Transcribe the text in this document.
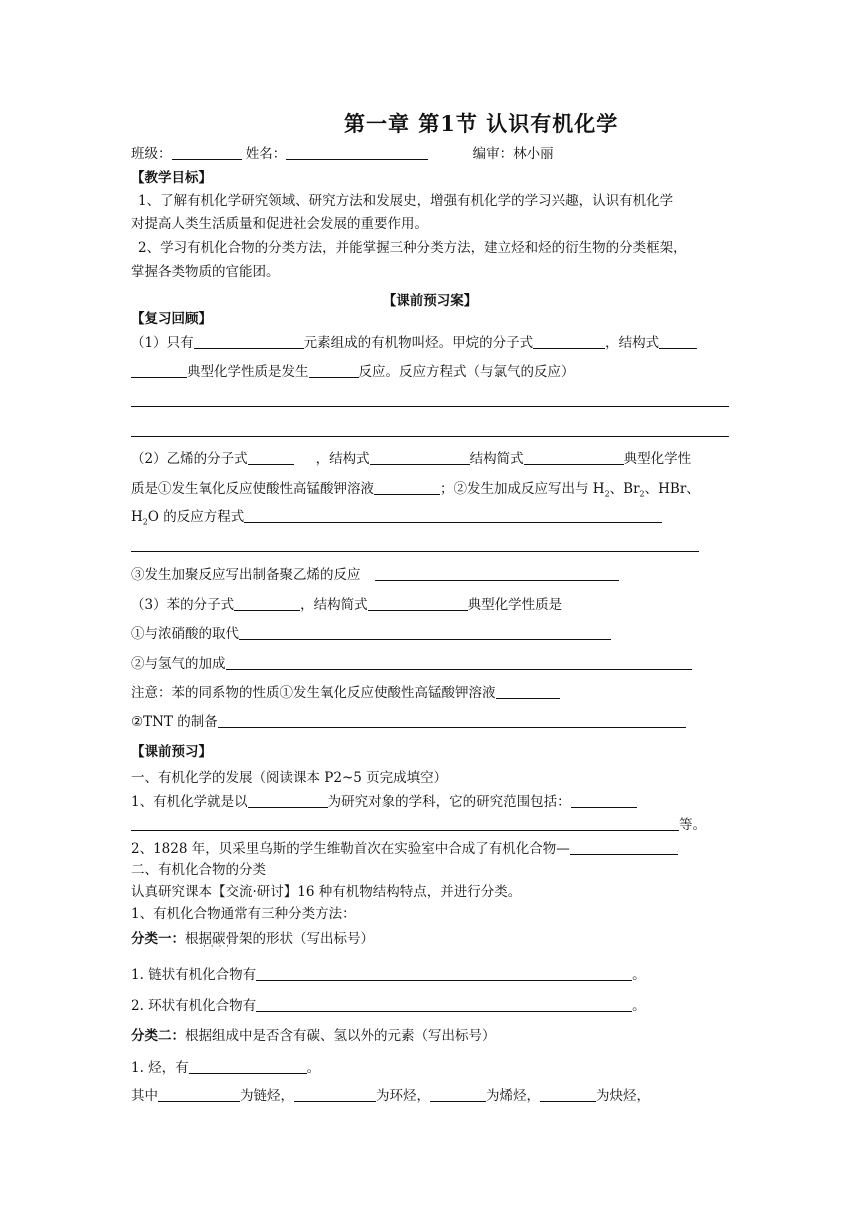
第一章 第1节 认识有机化学
班级：	姓名：	编审：林小丽
【教学目标】
1、了解有机化学研究领域、研究方法和发展史，增强有机化学的学习兴趣，认识有机化学
对提高人类生活质量和促进社会发展的重要作用。
2、学习有机化合物的分类方法，并能掌握三种分类方法，建立烃和烃的衍生物的分类框架，
掌握各类物质的官能团。
【课前预习案】
【复习回顾】
（1）只有	元素组成的有机物叫烃。甲烷的分子式	，结构式
典型化学性质是发生	反应。反应方程式（与氯气的反应）
（2）乙烯的分子式	，结构式	结构简式	典型化学性
质是①发生氧化反应使酸性高锰酸钾溶液	；②发生加成反应写出与 $H_2$、$Br_2$、HBr、
$H_2O$ 的反应方程式
③发生加聚反应写出制备聚乙烯的反应
（3）苯的分子式	，结构简式	典型化学性质是
①与浓硝酸的取代
②与氢气的加成
注意：苯的同系物的性质①发生氧化反应使酸性高锰酸钾溶液
②TNT 的制备
【课前预习】
一、有机化学的发展（阅读课本 P2~5 页完成填空）
1、有机化学就是以	为研究对象的学科，它的研究范围包括：
等。
2、1828 年，贝采里乌斯的学生维勒首次在实验室中合成了有机化合物—
二、有机化合物的分类
认真研究课本【交流·研讨】16 种有机物结构特点，并进行分类。
1、有机化合物通常有三种分类方法：
分类一：根据碳骨架的形状（写出标号） · · · ·
1. 链状有机化合物有	。
2. 环状有机化合物有	。
分类二：根据组成中是否含有碳、氢以外的元素（写出标号）
1. 烃，有	。
其中	为链烃，	为环烃，	为烯烃，	为炔烃，
